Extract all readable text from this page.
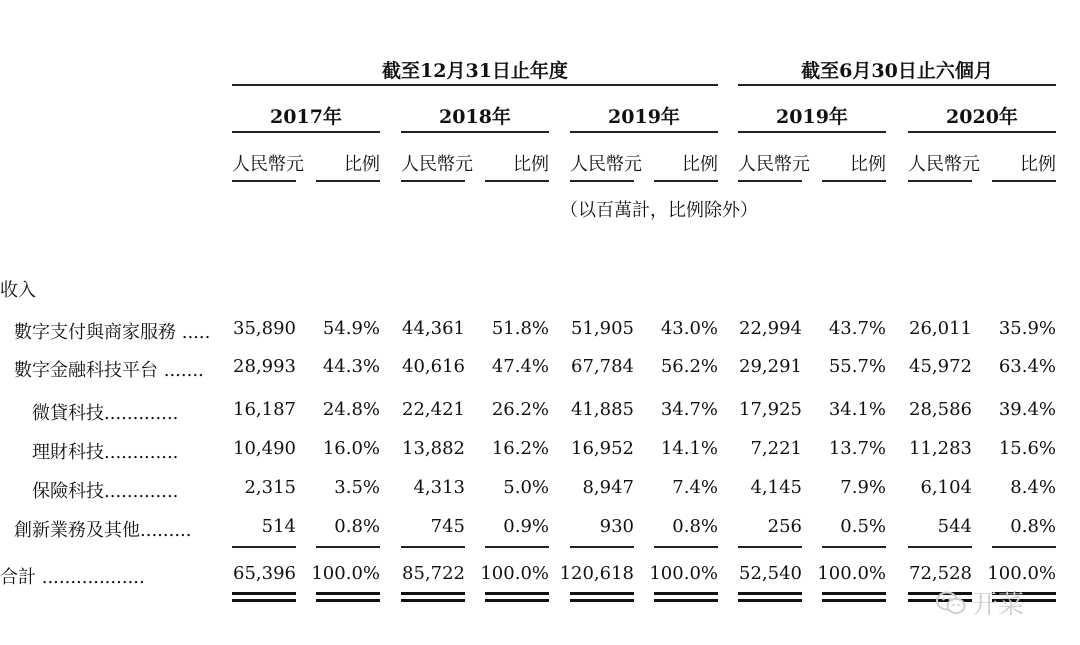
截至12月31日止年度	截至6月30日止六個月
2017年	2018年	2019年	2019年	2020年
人民幣元	比例 人民幣元	比例 人民幣元	比例 人民幣元	比例 人民幣元	比例
（以百萬計，比例除外）
收入
數字支付與商家服務 ..... 35,890 54.9% 44,361 51.8% 51,905 43.0% 22,994 43.7% 26,011 35.9%
數字金融科技平台 ....... 28,993 44.3% 40,616 47.4% 67,784 56.2% 29,291 55.7% 45,972 63.4%
微貸科技.............	16,187 24.8% 22,421 26.2% 41,885 34.7% 17,925 34.1% 28,586 39.4%
理財科技.............	10,490 16.0% 13,882 16.2% 16,952 14.1% 7,221 13.7% 11,283 15.6%
保險科技.............	2,315 3.5% 4,313 5.0% 8,947 7.4% 4,145 7.9% 6,104 8.4%
創新業務及其他.........	514 0.8%	745 0.9%	930 0.8%	256 0.5%	544 0.8%
合計 ..................	65,396 100.0% 85,722 100.0% 120,618 100.0% 52,540 100.0% 72,528 100.0%
开菜
